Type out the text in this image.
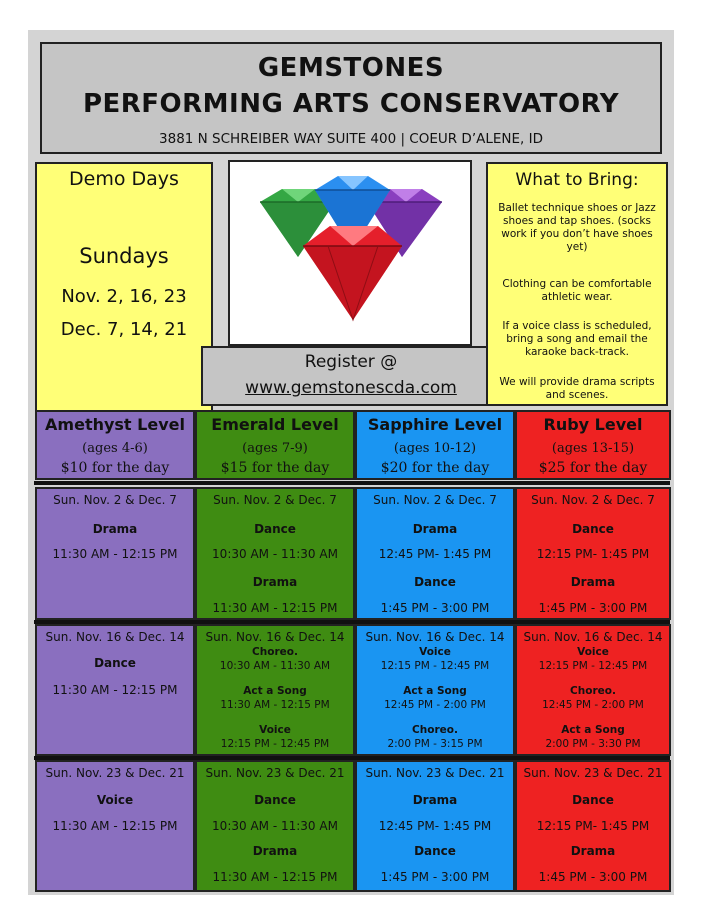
GEMSTONES
PERFORMING ARTS CONSERVATORY
3881 N SCHREIBER WAY SUITE 400 | COEUR D’ALENE, ID
Demo Days
Sundays
Nov. 2, 16, 23
Dec. 7, 14, 21
Register @
www.gemstonescda.com
What to Bring:

Ballet technique shoes or Jazz shoes and tap shoes. (socks work if you don’t have shoes yet)

Clothing can be comfortable athletic wear.

If a voice class is scheduled, bring a song and email the karaoke back-track.

We will provide drama scripts and scenes.

Amethyst Level
(ages 4-6)
$10 for the day
Emerald Level
(ages 7-9)
$15 for the day
Sapphire Level
(ages 10-12)
$20 for the day
Ruby Level
(ages 13-15)
$25 for the day
Sun. Nov. 2 & Dec. 7
Drama
11:30 AM - 12:15 PM
Sun. Nov. 2 & Dec. 7
Dance
10:30 AM - 11:30 AM
Drama
11:30 AM - 12:15 PM
Sun. Nov. 2 & Dec. 7
Drama
12:45 PM- 1:45 PM
Dance
1:45 PM - 3:00 PM
Sun. Nov. 2 & Dec. 7
Dance
12:15 PM- 1:45 PM
Drama
1:45 PM - 3:00 PM
Sun. Nov. 16 & Dec. 14
Dance
11:30 AM - 12:15 PM
Sun. Nov. 16 & Dec. 14
Choreo.
10:30 AM - 11:30 AM
Act a Song
11:30 AM - 12:15 PM
Voice
12:15 PM - 12:45 PM
Sun. Nov. 16 & Dec. 14
Voice
12:15 PM - 12:45 PM
Act a Song
12:45 PM - 2:00 PM
Choreo.
2:00 PM - 3:15 PM
Sun. Nov. 16 & Dec. 14
Voice
12:15 PM - 12:45 PM
Choreo.
12:45 PM - 2:00 PM
Act a Song
2:00 PM - 3:30 PM
Sun. Nov. 23 & Dec. 21
Voice
11:30 AM - 12:15 PM
Sun. Nov. 23 & Dec. 21
Dance
10:30 AM - 11:30 AM
Drama
11:30 AM - 12:15 PM
Sun. Nov. 23 & Dec. 21
Drama
12:45 PM- 1:45 PM
Dance
1:45 PM - 3:00 PM
Sun. Nov. 23 & Dec. 21
Dance
12:15 PM- 1:45 PM
Drama
1:45 PM - 3:00 PM
